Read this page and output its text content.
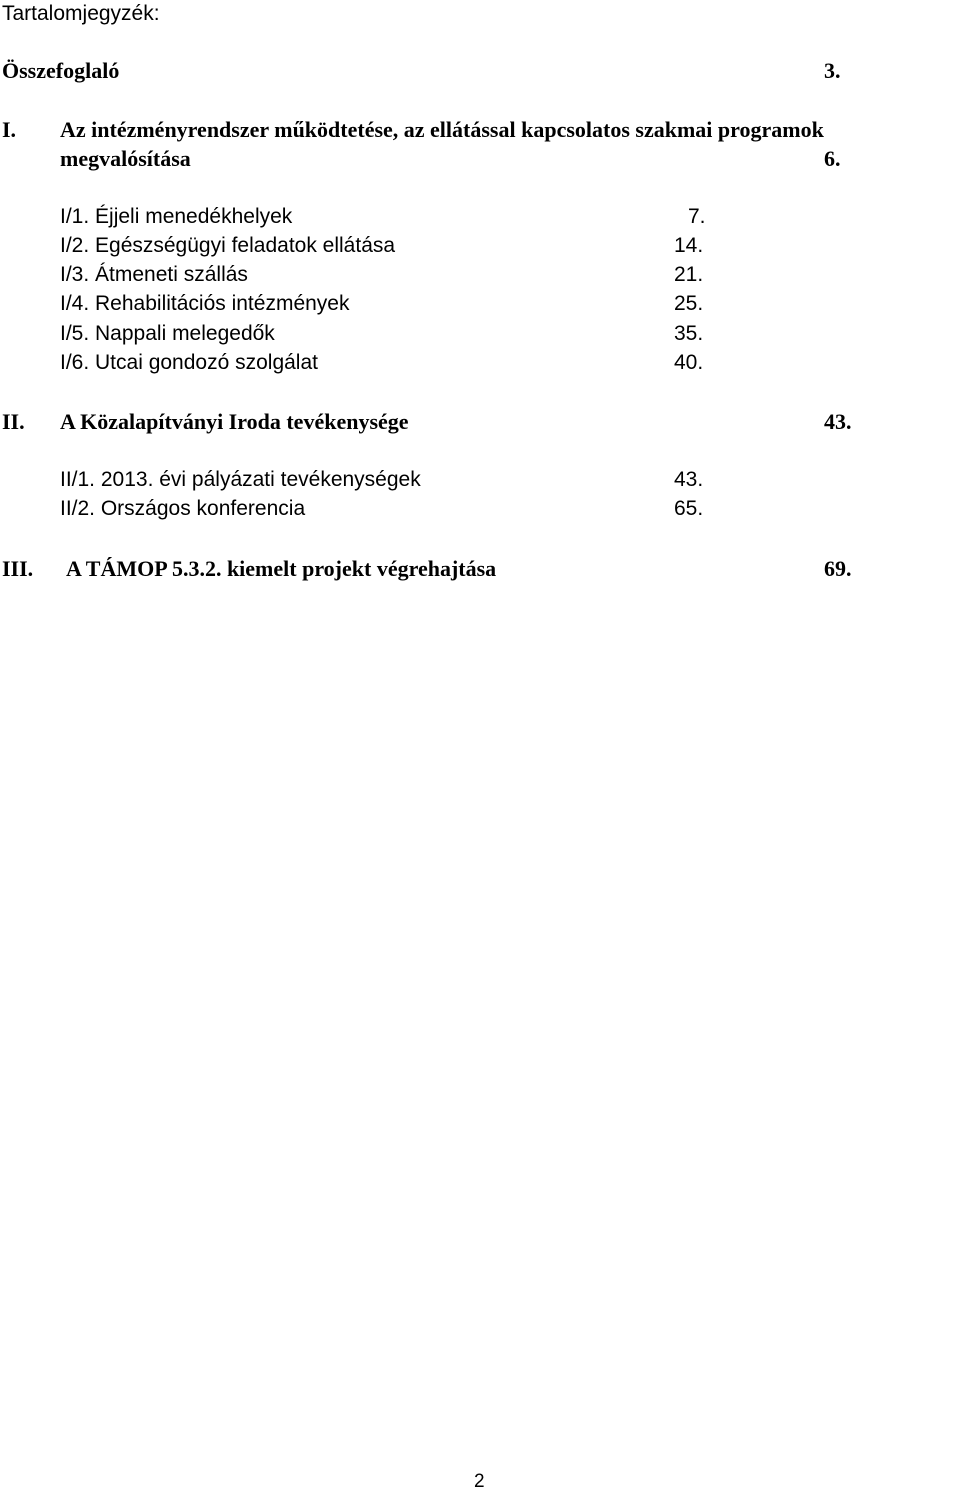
Tartalomjegyzék:
Összefoglaló	3.
I. Az intézményrendszer működtetése, az ellátással kapcsolatos szakmai programok
megvalósítása	6.
I/1. Éjjeli menedékhelyek	7.
I/2. Egészségügyi feladatok ellátása	14.
I/3. Átmeneti szállás	21.
I/4. Rehabilitációs intézmények	25.
I/5. Nappali melegedők	35.
I/6. Utcai gondozó szolgálat	40.
II. A Közalapítványi Iroda tevékenysége	43.
II/1. 2013. évi pályázati tevékenységek	43.
II/2. Országos konferencia	65.
III. A TÁMOP 5.3.2. kiemelt projekt végrehajtása	69.
2
